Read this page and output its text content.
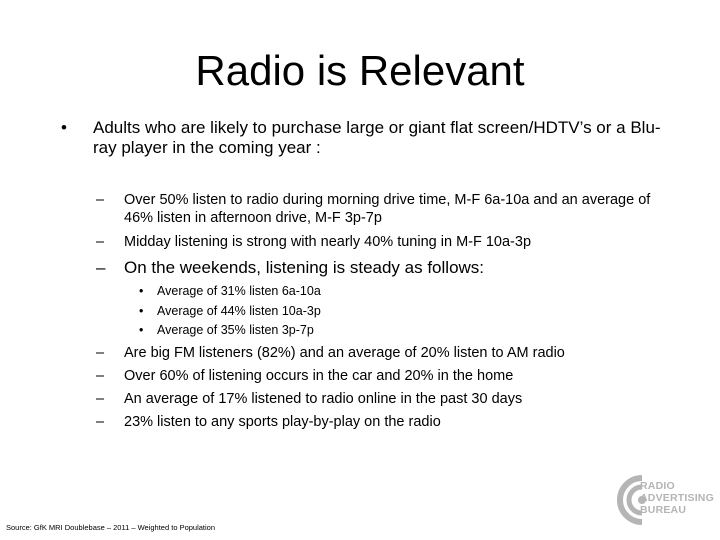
Radio is Relevant
• Adults who are likely to purchase large or giant flat screen/HDTV’s or a Blu-ray player in the coming year :
– Over 50% listen to radio during morning drive time, M-F 6a-10a and an average of 46% listen in afternoon drive, M-F 3p-7p
– Midday listening is strong with nearly 40% tuning in M-F 10a-3p
– On the weekends, listening is steady as follows:
• Average of 31% listen 6a-10a
• Average of 44% listen 10a-3p
• Average of 35% listen 3p-7p
– Are big FM listeners (82%) and an average of 20% listen to AM radio
– Over 60% of listening occurs in the car and 20% in the home
– An average of 17% listened to radio online in the past 30 days
– 23% listen to any sports play-by-play on the radio
Source: GfK MRI Doublebase – 2011 – Weighted to Population
RADIO
ADVERTISING
BUREAU
